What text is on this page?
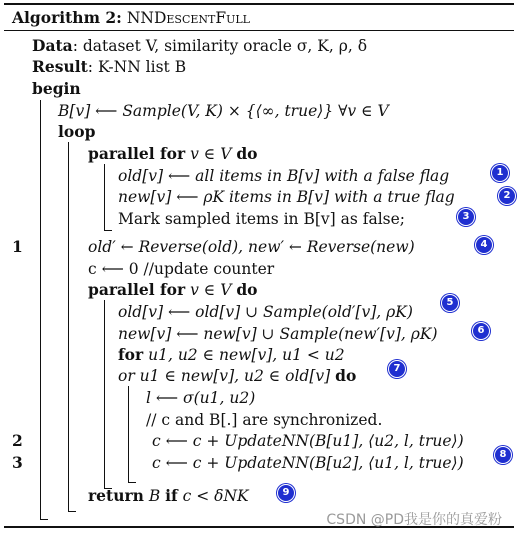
Algorithm 2: NNDescentFull
Data: dataset V, similarity oracle σ, K, ρ, δ
Result: K-NN list B
begin
B[v] ⟵ Sample(V, K) × {⟨∞, true⟩} ∀v ∈ V
loop
parallel for v ∈ V do
old[v] ⟵ all items in B[v] with a false flag
new[v] ⟵ ρK items in B[v] with a true flag
Mark sampled items in B[v] as false;
old′ ← Reverse(old), new′ ← Reverse(new)
c ⟵ 0 //update counter
parallel for v ∈ V do
old[v] ⟵ old[v] ∪ Sample(old′[v], ρK)
new[v] ⟵ new[v] ∪ Sample(new′[v], ρK)
for u1, u2 ∈ new[v], u1 < u2
or u1 ∈ new[v], u2 ∈ old[v] do
l ⟵ σ(u1, u2)
// c and B[.] are synchronized.
c ⟵ c + UpdateNN(B[u1], ⟨u2, l, true⟩)
c ⟵ c + UpdateNN(B[u2], ⟨u1, l, true⟩)
return B if c < δNK
1
2
3
1
2
3
4
5
6
7
8
9
CSDN @PD我是你的真爱粉
